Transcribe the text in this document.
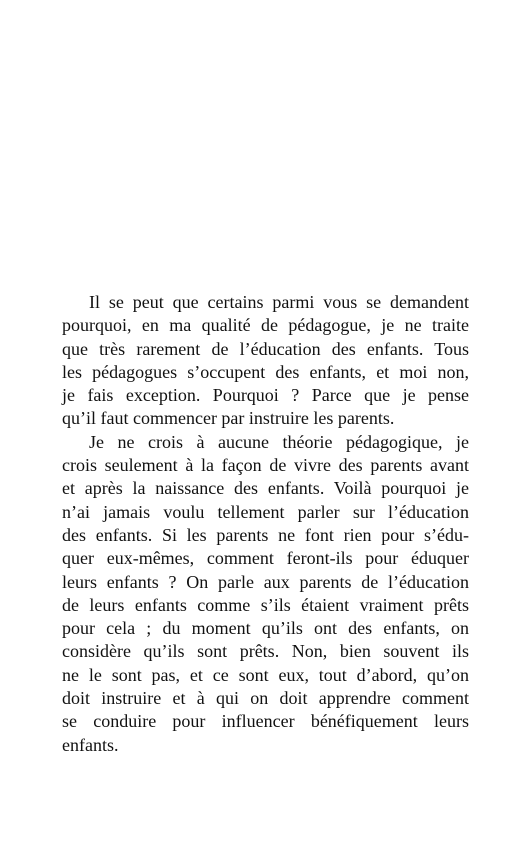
Il se peut que certains parmi vous se demandent
pourquoi, en ma qualité de pédagogue, je ne traite
que très rarement de l’éducation des enfants. Tous
les pédagogues s’occupent des enfants, et moi non,
je fais exception. Pourquoi ? Parce que je pense
qu’il faut commencer par instruire les parents.

Je ne crois à aucune théorie pédagogique, je
crois seulement à la façon de vivre des parents avant
et après la naissance des enfants. Voilà pourquoi je
n’ai jamais voulu tellement parler sur l’éducation
des enfants. Si les parents ne font rien pour s’édu-
quer eux-mêmes, comment feront-ils pour éduquer
leurs enfants ? On parle aux parents de l’éducation
de leurs enfants comme s’ils étaient vraiment prêts
pour cela ; du moment qu’ils ont des enfants, on
considère qu’ils sont prêts. Non, bien souvent ils
ne le sont pas, et ce sont eux, tout d’abord, qu’on
doit instruire et à qui on doit apprendre comment
se conduire pour influencer bénéfiquement leurs
enfants.
